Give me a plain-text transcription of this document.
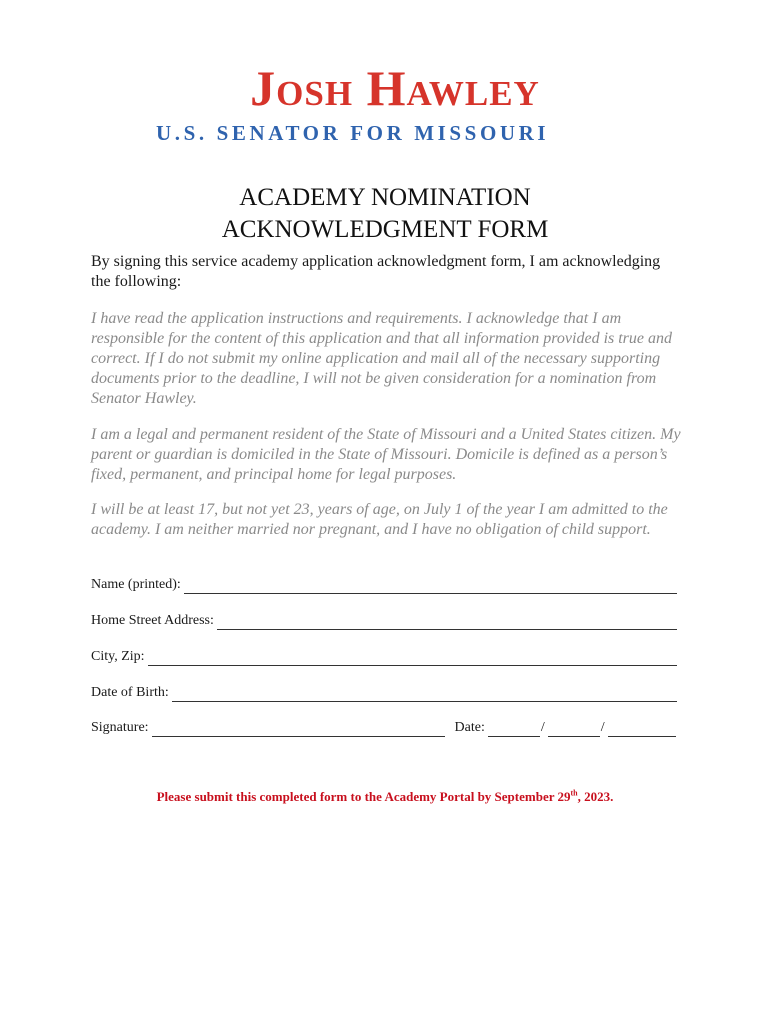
Josh Hawley
U.S. SENATOR FOR MISSOURI
ACADEMY NOMINATION
ACKNOWLEDGMENT FORM
By signing this service academy application acknowledgment form, I am acknowledging the following:

I have read the application instructions and requirements. I acknowledge that I am responsible for the content of this application and that all information provided is true and correct. If I do not submit my online application and mail all of the necessary supporting documents prior to the deadline, I will not be given consideration for a nomination from Senator Hawley.

I am a legal and permanent resident of the State of Missouri and a United States citizen. My parent or guardian is domiciled in the State of Missouri. Domicile is defined as a person’s fixed, permanent, and principal home for legal purposes.

I will be at least 17, but not yet 23, years of age, on July 1 of the year I am admitted to the academy. I am neither married nor pregnant, and I have no obligation of child support.

Name (printed):
Home Street Address:
City, Zip:
Date of Birth:
Signature:	Date:	/	/
Please submit this completed form to the Academy Portal by September 29th, 2023.
